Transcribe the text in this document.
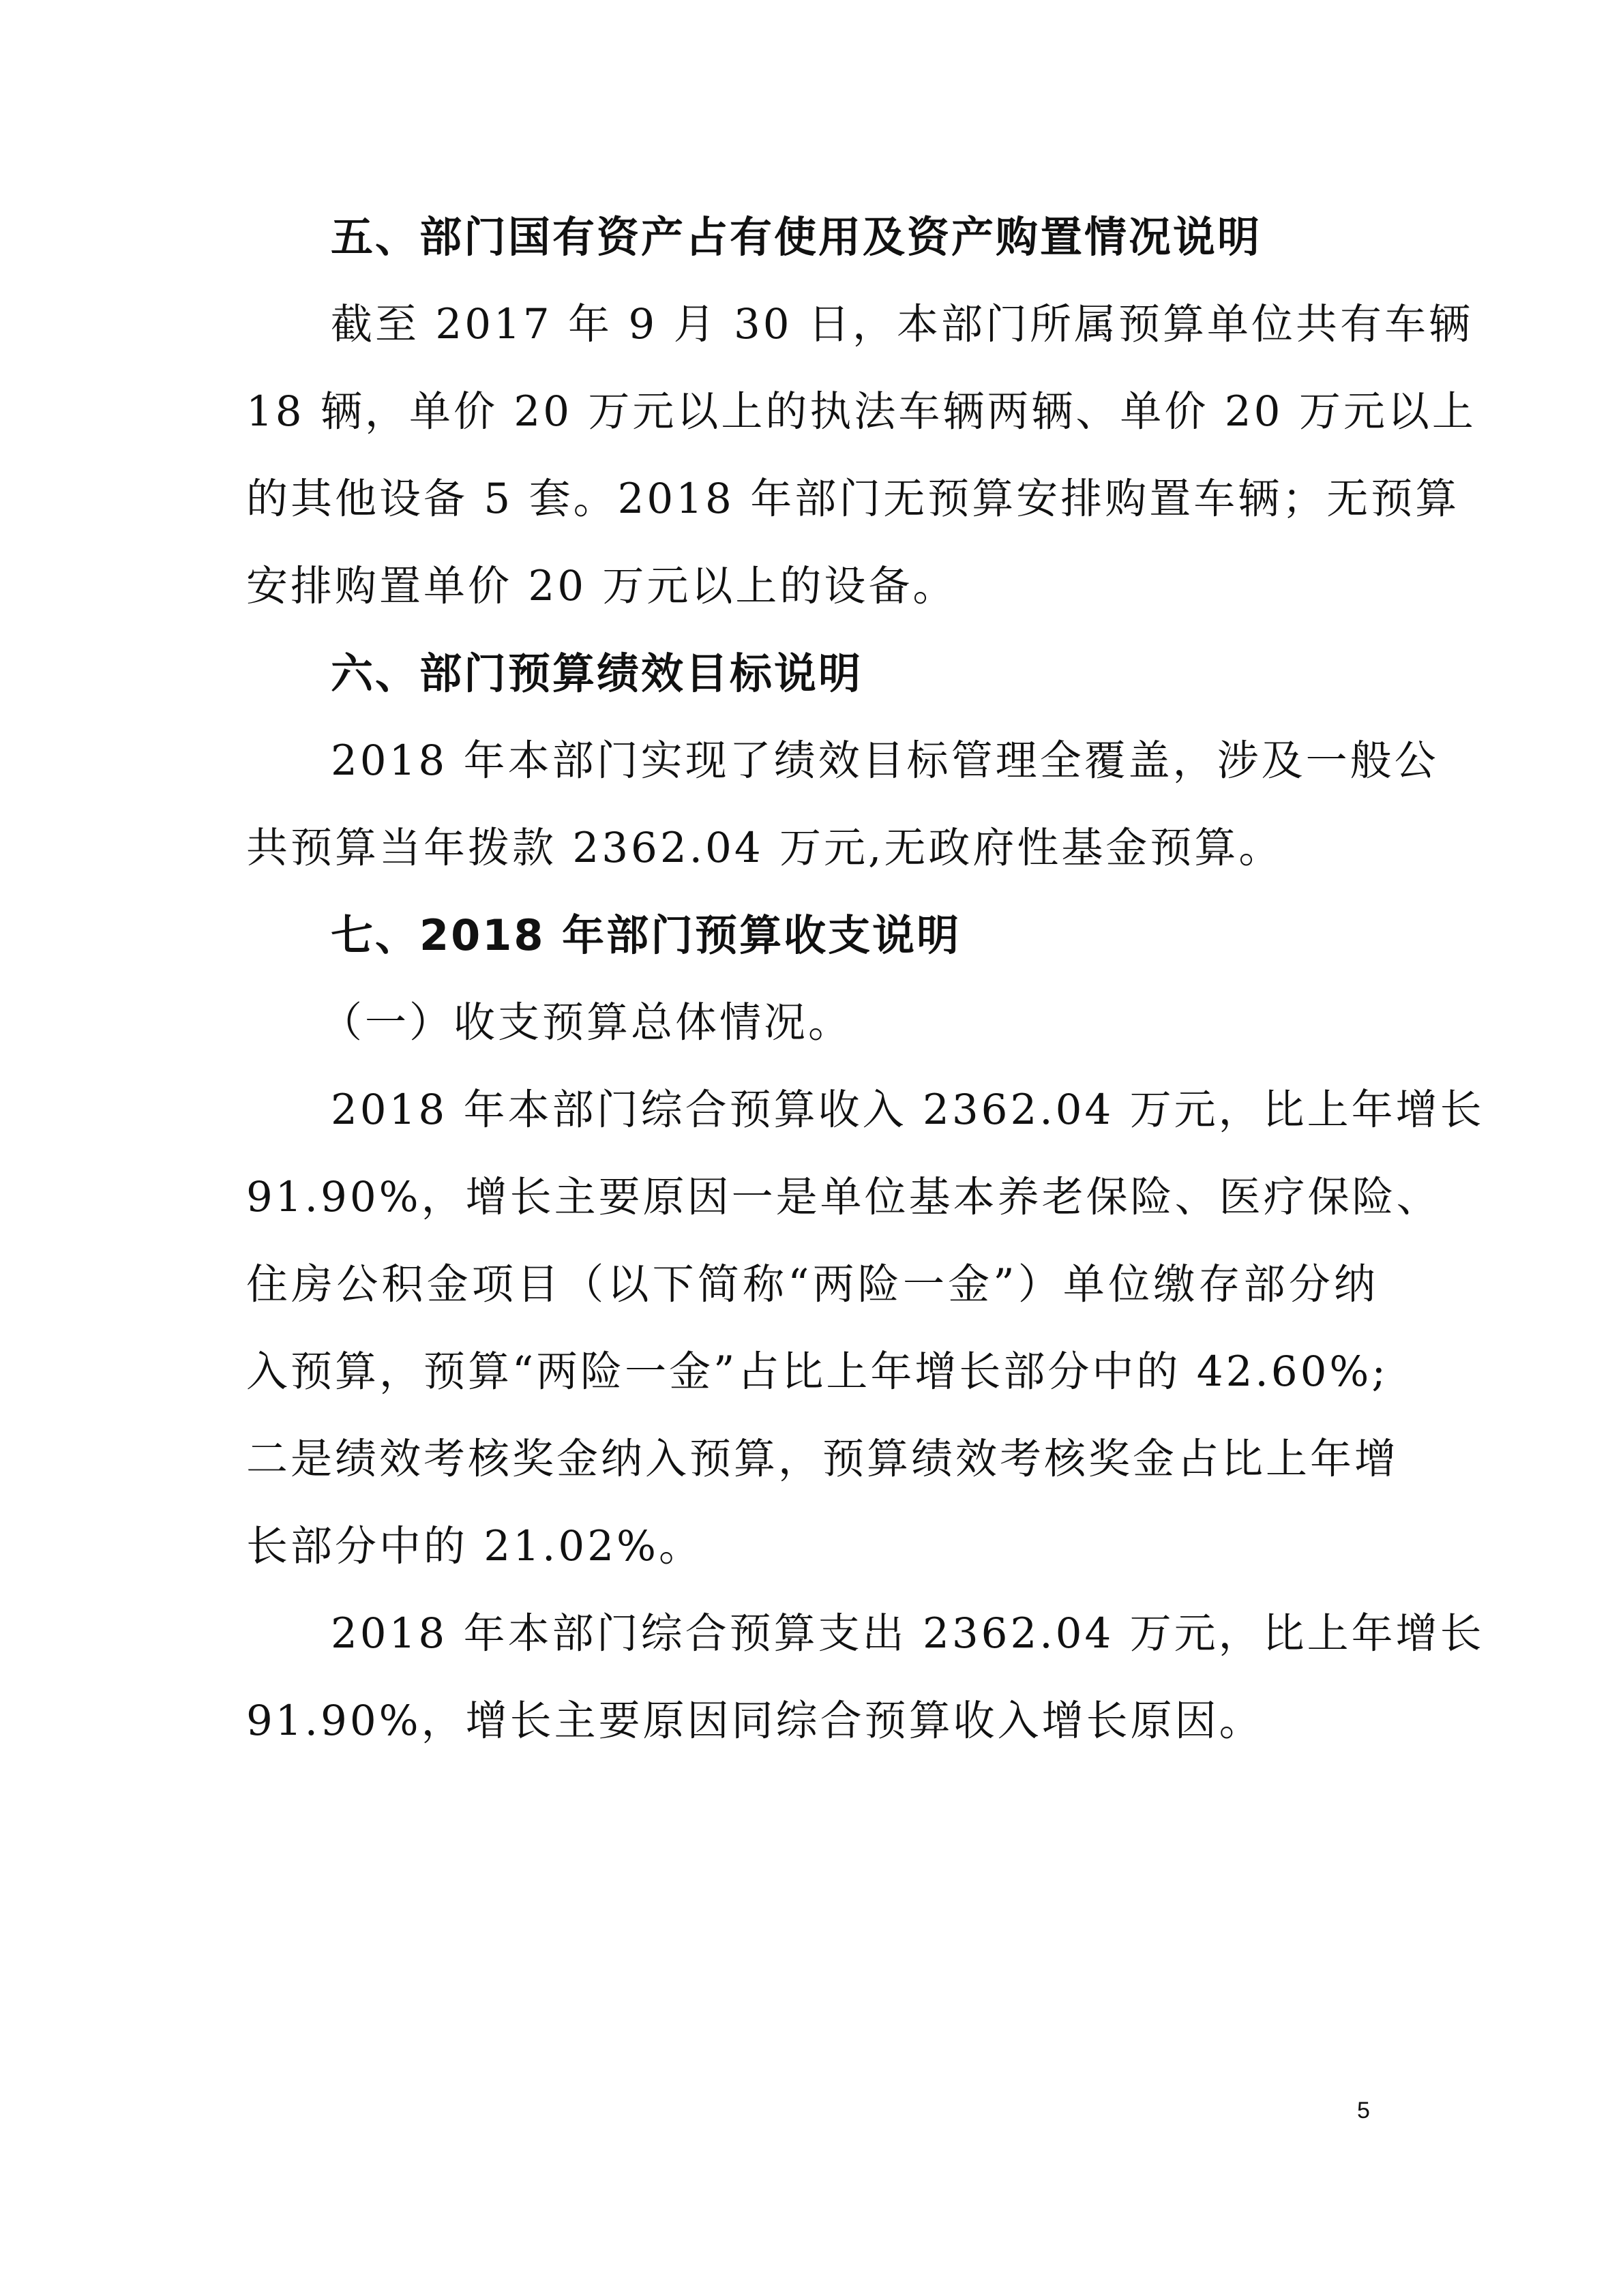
五、部门国有资产占有使用及资产购置情况说明
截至 2017 年 9 月 30 日，本部门所属预算单位共有车辆
18 辆，单价 20 万元以上的执法车辆两辆、单价 20 万元以上
的其他设备 5 套。2018 年部门无预算安排购置车辆；无预算
安排购置单价 20 万元以上的设备。
六、部门预算绩效目标说明
2018 年本部门实现了绩效目标管理全覆盖，涉及一般公
共预算当年拨款 2362.04 万元,无政府性基金预算。
七、2018 年部门预算收支说明
（一）收支预算总体情况。
2018 年本部门综合预算收入 2362.04 万元，比上年增长
91.90%，增长主要原因一是单位基本养老保险、医疗保险、
住房公积金项目（以下简称“两险一金”）单位缴存部分纳
入预算，预算“两险一金”占比上年增长部分中的 42.60%;
二是绩效考核奖金纳入预算，预算绩效考核奖金占比上年增
长部分中的 21.02%。
2018 年本部门综合预算支出 2362.04 万元，比上年增长
91.90%，增长主要原因同综合预算收入增长原因。
5
